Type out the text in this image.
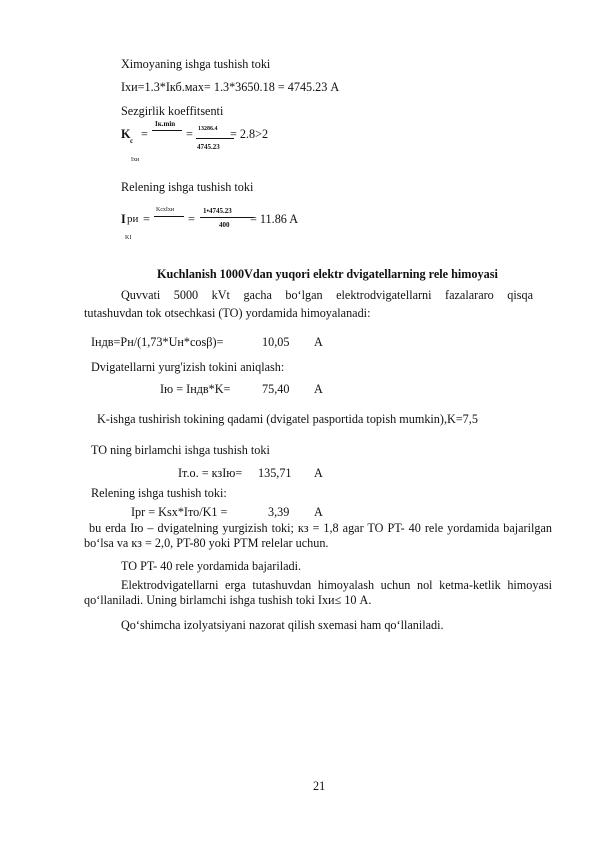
Ximoyaning ishga tushish toki
Iхи=1.3*Iкб.мах= 1.3*3650.18 = 4745.23 A
Sezgirlik koeffitsenti
K c =
Iк.min
Iхи
= 13286.4
4745.23
= 2.8>2
Relening ishga tushish toki
I ри =
KсхIхи
KI
=
1•4745.23
400 = 11.86 A
Kuchlanish 1000Vdan yuqori elektr dvigatellarning rele himoyasi
Quvvati 5000 kVt gacha bo‘lgan elektrodvigatellarni fazalararo qisqa
tutashuvdan tok otsechkasi (TO) yordamida himoyalanadi:
Iндв=Pн/(1,73*Uн*cosβ)=	10,05 A
Dvigatellarni yurg'izish tokini aniqlash:
Iю = Iндв*K=	75,40 A
K-ishga tushirish tokining qadami (dvigatel pasportida topish mumkin),K=7,5
TO ning birlamchi ishga tushish toki
Iт.о. = кзIю= 135,71 A
Relening ishga tushish toki:
Ipr = Ksx*Iто/K1 =	3,39 A
bu erda Iю – dvigatelning yurgizish toki; кз = 1,8 agar TO PT- 40 rele yordamida bajarilgan bo‘lsa va кз = 2,0, PT-80 yoki PTM relelar uchun.
TO PT- 40 rele yordamida bajariladi.
Elektrodvigatellarni erga tutashuvdan himoyalash uchun nol ketma-ketlik himoyasi qo‘llaniladi. Uning birlamchi ishga tushish toki Iхи≤ 10 A.
Qo‘shimcha izolyatsiyani nazorat qilish sxemasi ham qo‘llaniladi.
21
